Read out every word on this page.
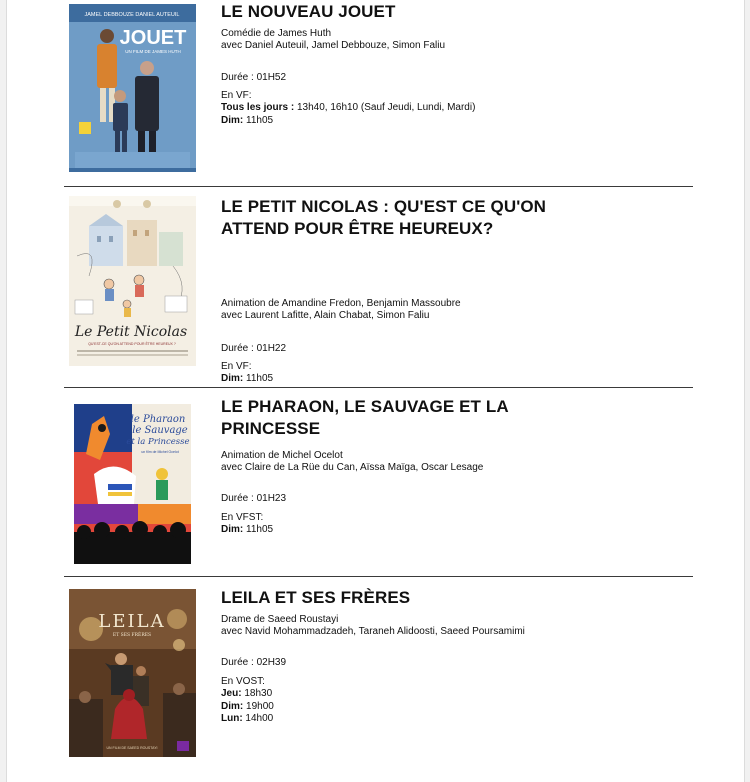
JAMEL DEBBOUZE DANIEL AUTEUIL
JOUET
UN FILM DE JAMES HUTH
LE NOUVEAU JOUET
Comédie de James Huth
avec Daniel Auteuil, Jamel Debbouze, Simon Faliu
Durée : 01H52
En VF:
Tous les jours : 13h40, 16h10 (Sauf Jeudi, Lundi, Mardi)
Dim: 11h05
Le Petit Nicolas
QU'EST-CE QU'ON ATTEND POUR ÊTRE HEUREUX ?
LE PETIT NICOLAS : QU'EST CE QU'ON ATTEND POUR ÊTRE HEUREUX?
Animation de Amandine Fredon, Benjamin Massoubre
avec Laurent Lafitte, Alain Chabat, Simon Faliu
Durée : 01H22
En VF:
Dim: 11h05
le Pharaon
le Sauvage
et la Princesse
un film de Michel Ocelot
LE PHARAON, LE SAUVAGE ET LA PRINCESSE
Animation de Michel Ocelot
avec Claire de La Rüe du Can, Aïssa Maïga, Oscar Lesage
Durée : 01H23
En VFST:
Dim: 11h05
LEILA
ET SES FRÈRES
UN FILM DE SAEED ROUSTAYI
LEILA ET SES FRÈRES
Drame de Saeed Roustayi
avec Navid Mohammadzadeh, Taraneh Alidoosti, Saeed Poursamimi
Durée : 02H39
En VOST:
Jeu: 18h30
Dim: 19h00
Lun: 14h00
